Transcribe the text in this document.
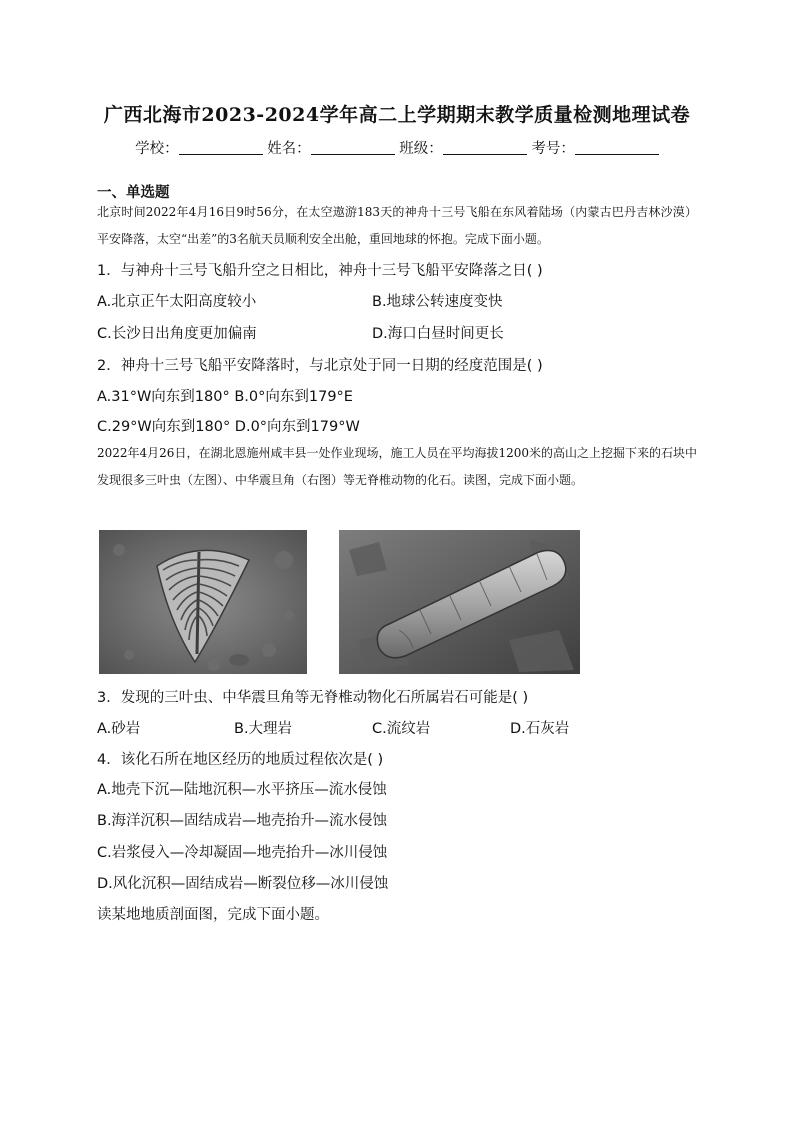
广西北海市2023-2024学年高二上学期期末教学质量检测地理试卷
学校：	姓名：	班级：	考号：
一、单选题
北京时间2022年4月16日9时56分，在太空遨游183天的神舟十三号飞船在东风着陆场（内蒙古巴丹吉林沙漠）平安降落，太空“出差”的3名航天员顺利安全出舱，重回地球的怀抱。完成下面小题。
1．与神舟十三号飞船升空之日相比，神舟十三号飞船平安降落之日( )
A.北京正午太阳高度较小	B.地球公转速度变快
C.长沙日出角度更加偏南	D.海口白昼时间更长
2．神舟十三号飞船平安降落时，与北京处于同一日期的经度范围是( )
A.31°W向东到180° B.0°向东到179°E
C.29°W向东到180° D.0°向东到179°W
2022年4月26日，在湖北恩施州咸丰县一处作业现场，施工人员在平均海拔1200米的高山之上挖掘下来的石块中发现很多三叶虫（左图）、中华震旦角（右图）等无脊椎动物的化石。读图，完成下面小题。
3．发现的三叶虫、中华震旦角等无脊椎动物化石所属岩石可能是( )
A.砂岩	B.大理岩	C.流纹岩	D.石灰岩
4．该化石所在地区经历的地质过程依次是( )
A.地壳下沉—陆地沉积—水平挤压—流水侵蚀
B.海洋沉积—固结成岩—地壳抬升—流水侵蚀
C.岩浆侵入—冷却凝固—地壳抬升—冰川侵蚀
D.风化沉积—固结成岩—断裂位移—冰川侵蚀
读某地地质剖面图，完成下面小题。
